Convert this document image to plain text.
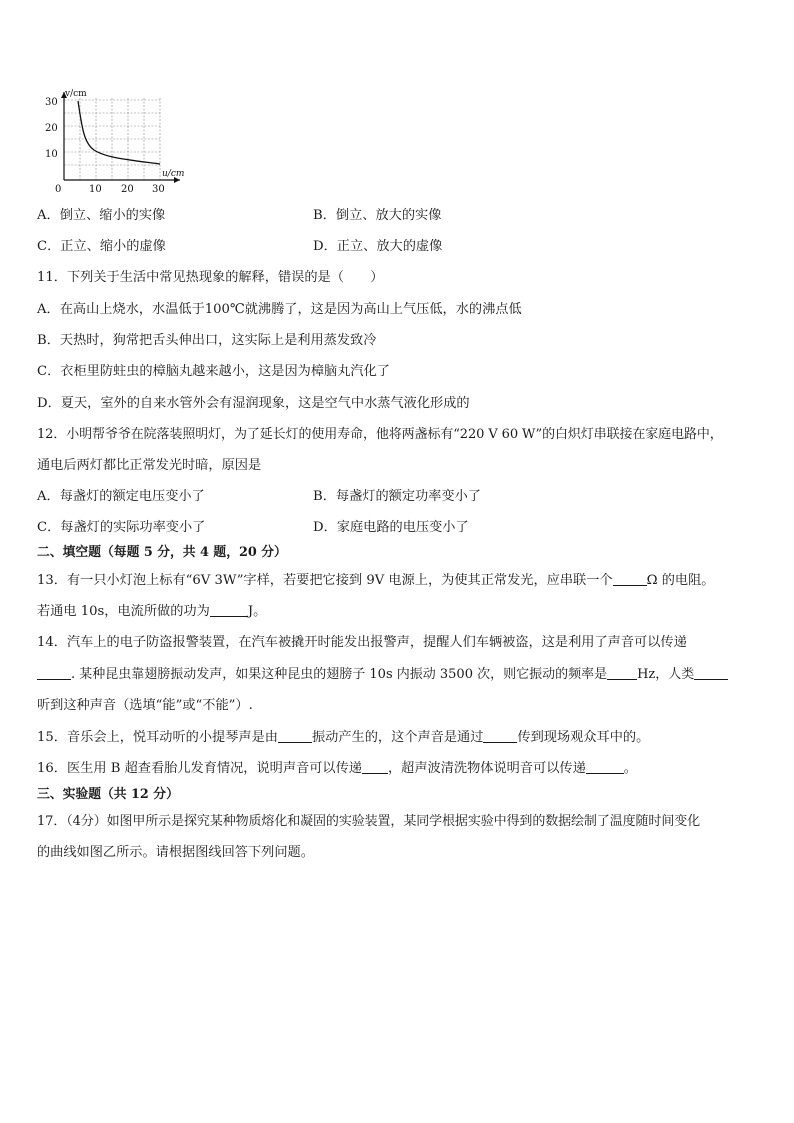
v/cm
u/cm
30
20
10
0	10 20 30
A．倒立、缩小的实像	B．倒立、放大的实像
C．正立、缩小的虚像	D．正立、放大的虚像
11．下列关于生活中常见热现象的解释，错误的是（　　）
A．在高山上烧水，水温低于100℃就沸腾了，这是因为高山上气压低，水的沸点低
B．天热时，狗常把舌头伸出口，这实际上是利用蒸发致冷
C．衣柜里防蛀虫的樟脑丸越来越小，这是因为樟脑丸汽化了
D．夏天，室外的自来水管外会有湿润现象，这是空气中水蒸气液化形成的
12．小明帮爷爷在院落装照明灯，为了延长灯的使用寿命，他将两盏标有“220 V 60 W”的白炽灯串联接在家庭电路中，
通电后两灯都比正常发光时暗，原因是
A．每盏灯的额定电压变小了	B．每盏灯的额定功率变小了
C．每盏灯的实际功率变小了	D．家庭电路的电压变小了
二、填空题（每题 5 分，共 4 题，20 分）
13．有一只小灯泡上标有“6V 3W”字样，若要把它接到 9V 电源上，为使其正常发光，应串联一个	Ω 的电阻。
若通电 10s，电流所做的功为	J。
14．汽车上的电子防盗报警装置，在汽车被撬开时能发出报警声，提醒人们车辆被盗，这是利用了声音可以传递
. 某种昆虫靠翅膀振动发声，如果这种昆虫的翅膀子 10s 内振动 3500 次，则它振动的频率是 Hz，人类
听到这种声音（选填“能”或“不能”）.
15．音乐会上，悦耳动听的小提琴声是由	振动产生的，这个声音是通过	传到现场观众耳中的。
16．医生用 B 超查看胎儿发育情况，说明声音可以传递 ，超声波清洗物体说明音可以传递	。
三、实验题（共 12 分）
17．（4分）如图甲所示是探究某种物质熔化和凝固的实验装置，某同学根据实验中得到的数据绘制了温度随时间变化
的曲线如图乙所示。请根据图线回答下列问题。
